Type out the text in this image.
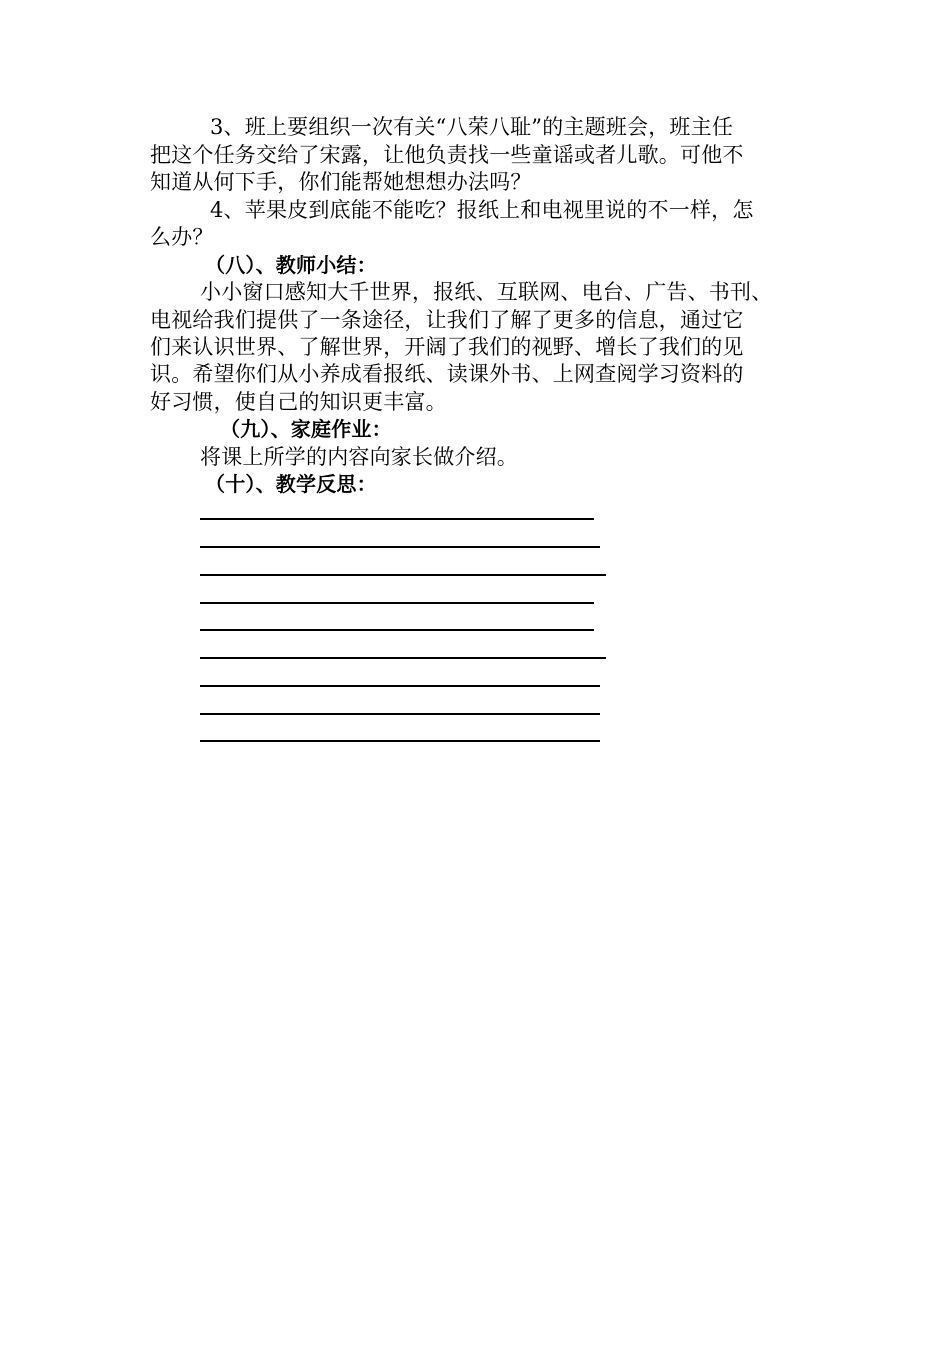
3、班上要组织一次有关“八荣八耻”的主题班会，班主任
把这个任务交给了宋露，让他负责找一些童谣或者儿歌。可他不
知道从何下手，你们能帮她想想办法吗？
4、苹果皮到底能不能吃？报纸上和电视里说的不一样，怎
么办？
（八）、教师小结：
小小窗口感知大千世界，报纸、互联网、电台、广告、书刊、
电视给我们提供了一条途径，让我们了解了更多的信息，通过它
们来认识世界、了解世界，开阔了我们的视野、增长了我们的见
识。希望你们从小养成看报纸、读课外书、上网查阅学习资料的
好习惯，使自己的知识更丰富。
（九）、家庭作业：
将课上所学的内容向家长做介绍。
（十）、教学反思：
